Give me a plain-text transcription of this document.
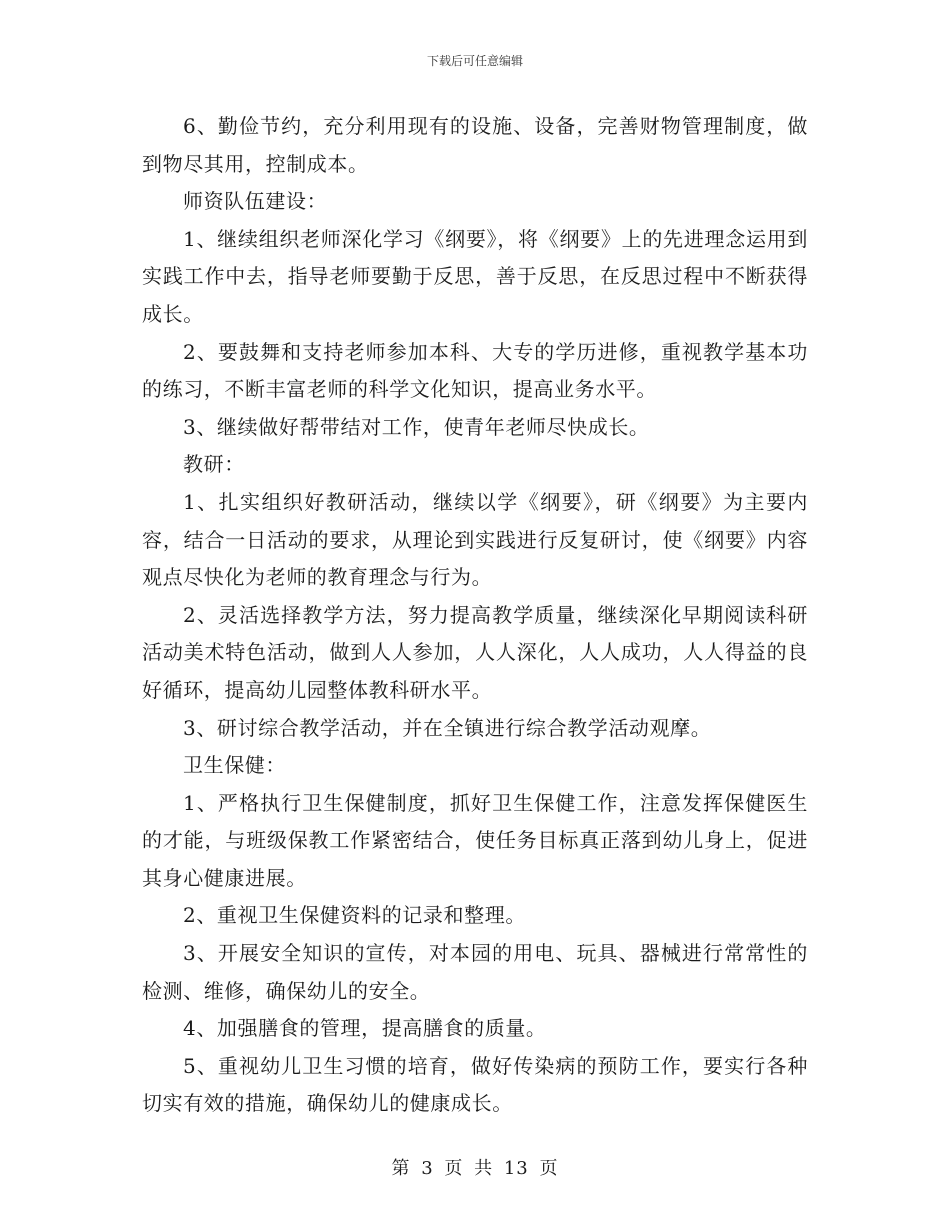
下载后可任意编辑

6、勤俭节约，充分利用现有的设施、设备，完善财物管理制度，做到物尽其用，控制成本。

师资队伍建设：

1、继续组织老师深化学习《纲要》，将《纲要》上的先进理念运用到实践工作中去，指导老师要勤于反思，善于反思，在反思过程中不断获得成长。

2、要鼓舞和支持老师参加本科、大专的学历进修，重视教学基本功的练习，不断丰富老师的科学文化知识，提高业务水平。

3、继续做好帮带结对工作，使青年老师尽快成长。

教研：

1、扎实组织好教研活动，继续以学《纲要》，研《纲要》为主要内容，结合一日活动的要求，从理论到实践进行反复研讨，使《纲要》内容观点尽快化为老师的教育理念与行为。

2、灵活选择教学方法，努力提高教学质量，继续深化早期阅读科研活动美术特色活动，做到人人参加，人人深化，人人成功，人人得益的良好循环，提高幼儿园整体教科研水平。

3、研讨综合教学活动，并在全镇进行综合教学活动观摩。

卫生保健：

1、严格执行卫生保健制度，抓好卫生保健工作，注意发挥保健医生的才能，与班级保教工作紧密结合，使任务目标真正落到幼儿身上，促进其身心健康进展。

2、重视卫生保健资料的记录和整理。

3、开展安全知识的宣传，对本园的用电、玩具、器械进行常常性的检测、维修，确保幼儿的安全。

4、加强膳食的管理，提高膳食的质量。

5、重视幼儿卫生习惯的培育，做好传染病的预防工作，要实行各种切实有效的措施，确保幼儿的健康成长。

第 3 页 共 13 页
